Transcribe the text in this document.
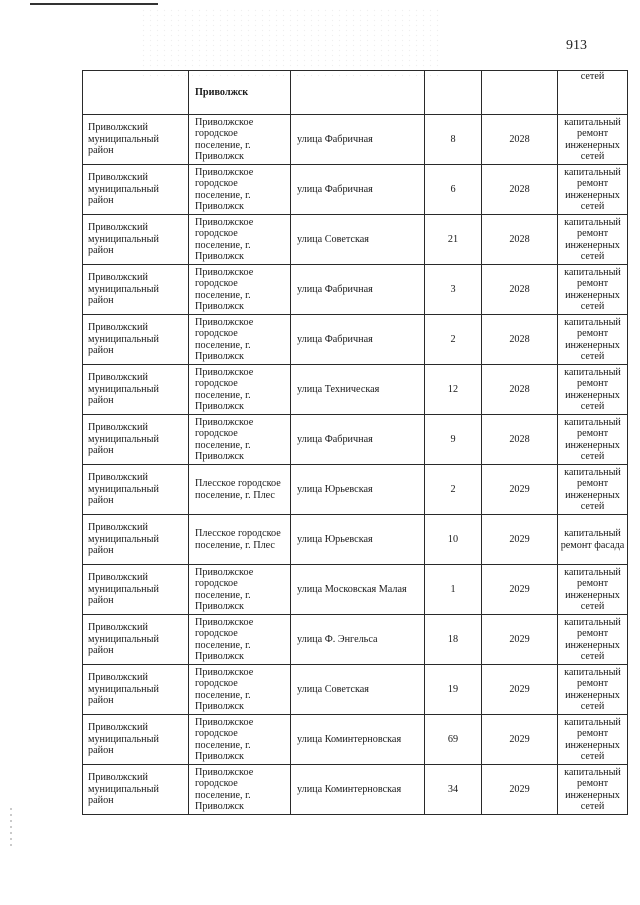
913
	Приволжск				сетей
Приволжский муниципальный район	Приволжское городское поселение, г. Приволжск	улица Фабричная	8	2028	капитальный ремонт инженерных сетей
Приволжский муниципальный район	Приволжское городское поселение, г. Приволжск	улица Фабричная	6	2028	капитальный ремонт инженерных сетей
Приволжский муниципальный район	Приволжское городское поселение, г. Приволжск	улица Советская	21	2028	капитальный ремонт инженерных сетей
Приволжский муниципальный район	Приволжское городское поселение, г. Приволжск	улица Фабричная	3	2028	капитальный ремонт инженерных сетей
Приволжский муниципальный район	Приволжское городское поселение, г. Приволжск	улица Фабричная	2	2028	капитальный ремонт инженерных сетей
Приволжский муниципальный район	Приволжское городское поселение, г. Приволжск	улица Техническая	12	2028	капитальный ремонт инженерных сетей
Приволжский муниципальный район	Приволжское городское поселение, г. Приволжск	улица Фабричная	9	2028	капитальный ремонт инженерных сетей
Приволжский муниципальный район	Плесское городское поселение, г. Плес	улица Юрьевская	2	2029	капитальный ремонт инженерных сетей
Приволжский муниципальный район	Плесское городское поселение, г. Плес	улица Юрьевская	10	2029	капитальный ремонт фасада
Приволжский муниципальный район	Приволжское городское поселение, г. Приволжск	улица Московская Малая	1	2029	капитальный ремонт инженерных сетей
Приволжский муниципальный район	Приволжское городское поселение, г. Приволжск	улица Ф. Энгельса	18	2029	капитальный ремонт инженерных сетей
Приволжский муниципальный район	Приволжское городское поселение, г. Приволжск	улица Советская	19	2029	капитальный ремонт инженерных сетей
Приволжский муниципальный район	Приволжское городское поселение, г. Приволжск	улица Коминтерновская	69	2029	капитальный ремонт инженерных сетей
Приволжский муниципальный район	Приволжское городское поселение, г. Приволжск	улица Коминтерновская	34	2029	капитальный ремонт инженерных сетей
